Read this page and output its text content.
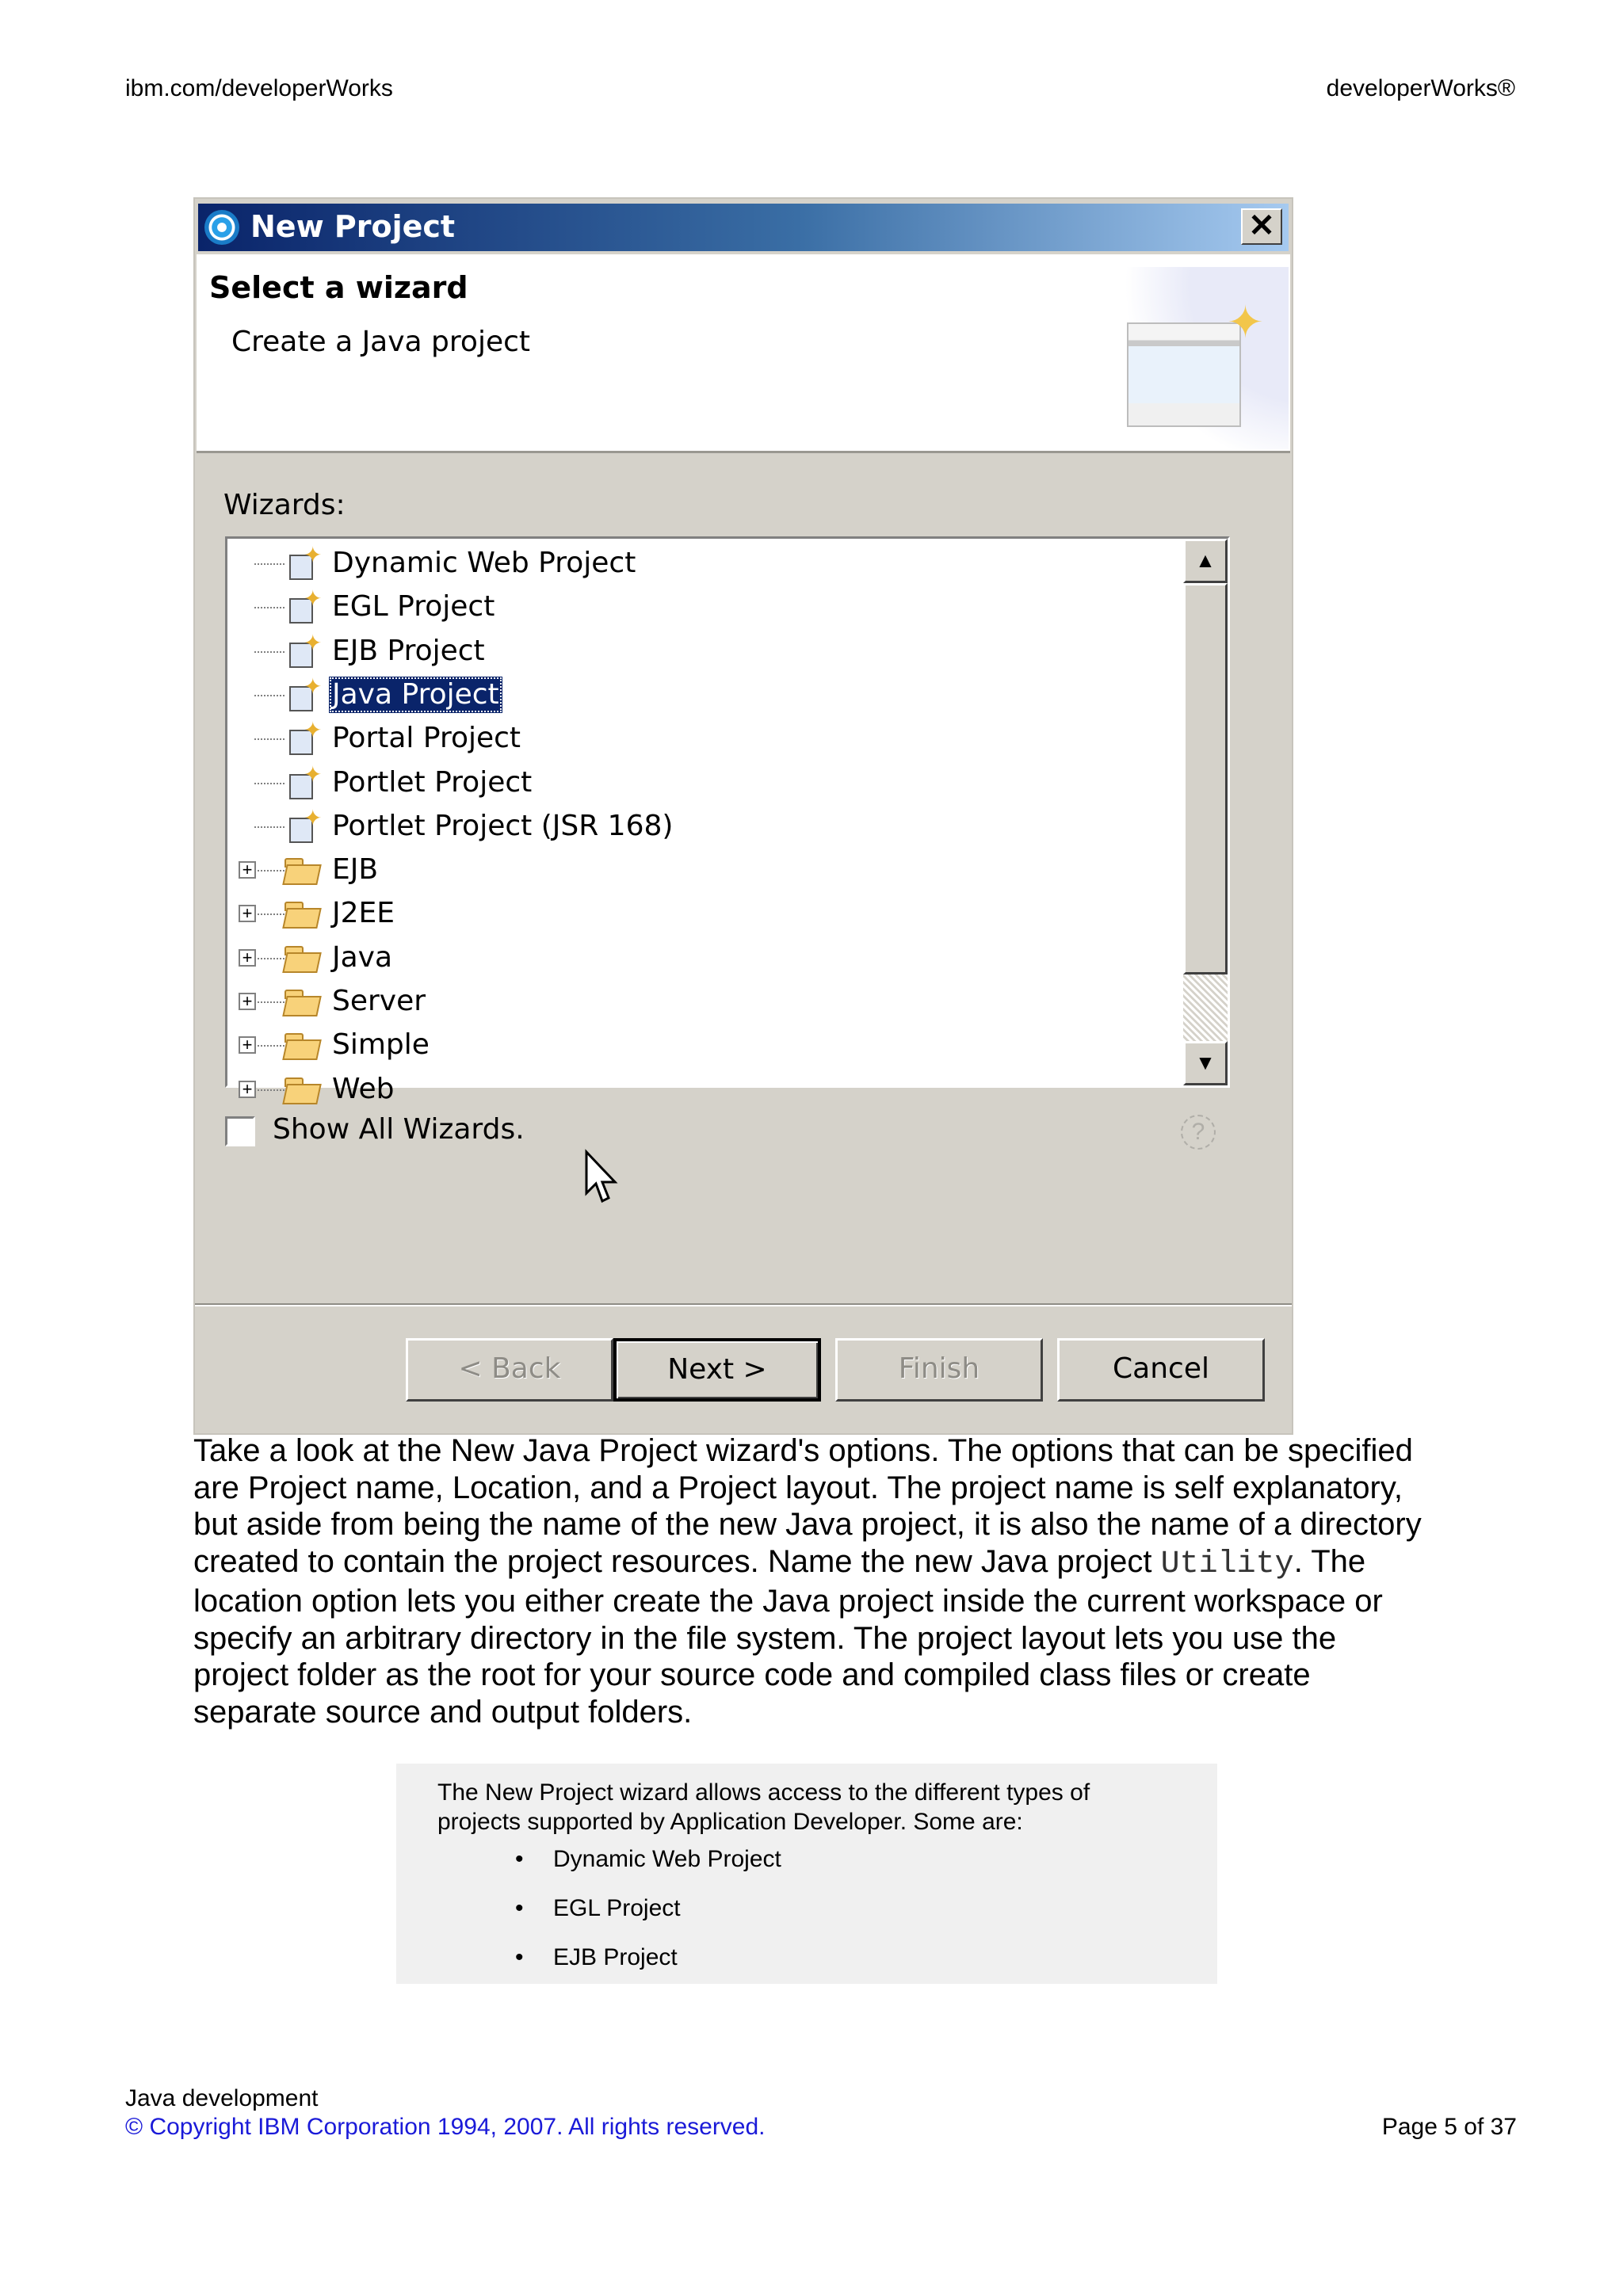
ibm.com/developerWorks	developerWorks®
New Project	✕
Select a wizard
Create a Java project	✦
Wizards:
✦ Dynamic Web Project
✦ EGL Project
✦ EJB Project
✦ Java Project
✦ Portal Project
✦ Portlet Project
✦ Portlet Project (JSR 168)
+	EJB
+	J2EE
+	Java
+	Server
+	Simple
+	Web
▲
▼
Show All Wizards.	?
< Back	Next >	Finish	Cancel
Take a look at the New Java Project wizard's options. The options that can be specified are Project name, Location, and a Project layout. The project name is self explanatory, but aside from being the name of the new Java project, it is also the name of a directory created to contain the project resources. Name the new Java project Utility. The location option lets you either create the Java project inside the current workspace or specify an arbitrary directory in the file system. The project layout lets you use the project folder as the root for your source code and compiled class files or create separate source and output folders.
The New Project wizard allows access to the different types of projects supported by Application Developer. Some are:
• Dynamic Web Project
• EGL Project
• EJB Project
Java development
© Copyright IBM Corporation 1994, 2007. All rights reserved.	Page 5 of 37
